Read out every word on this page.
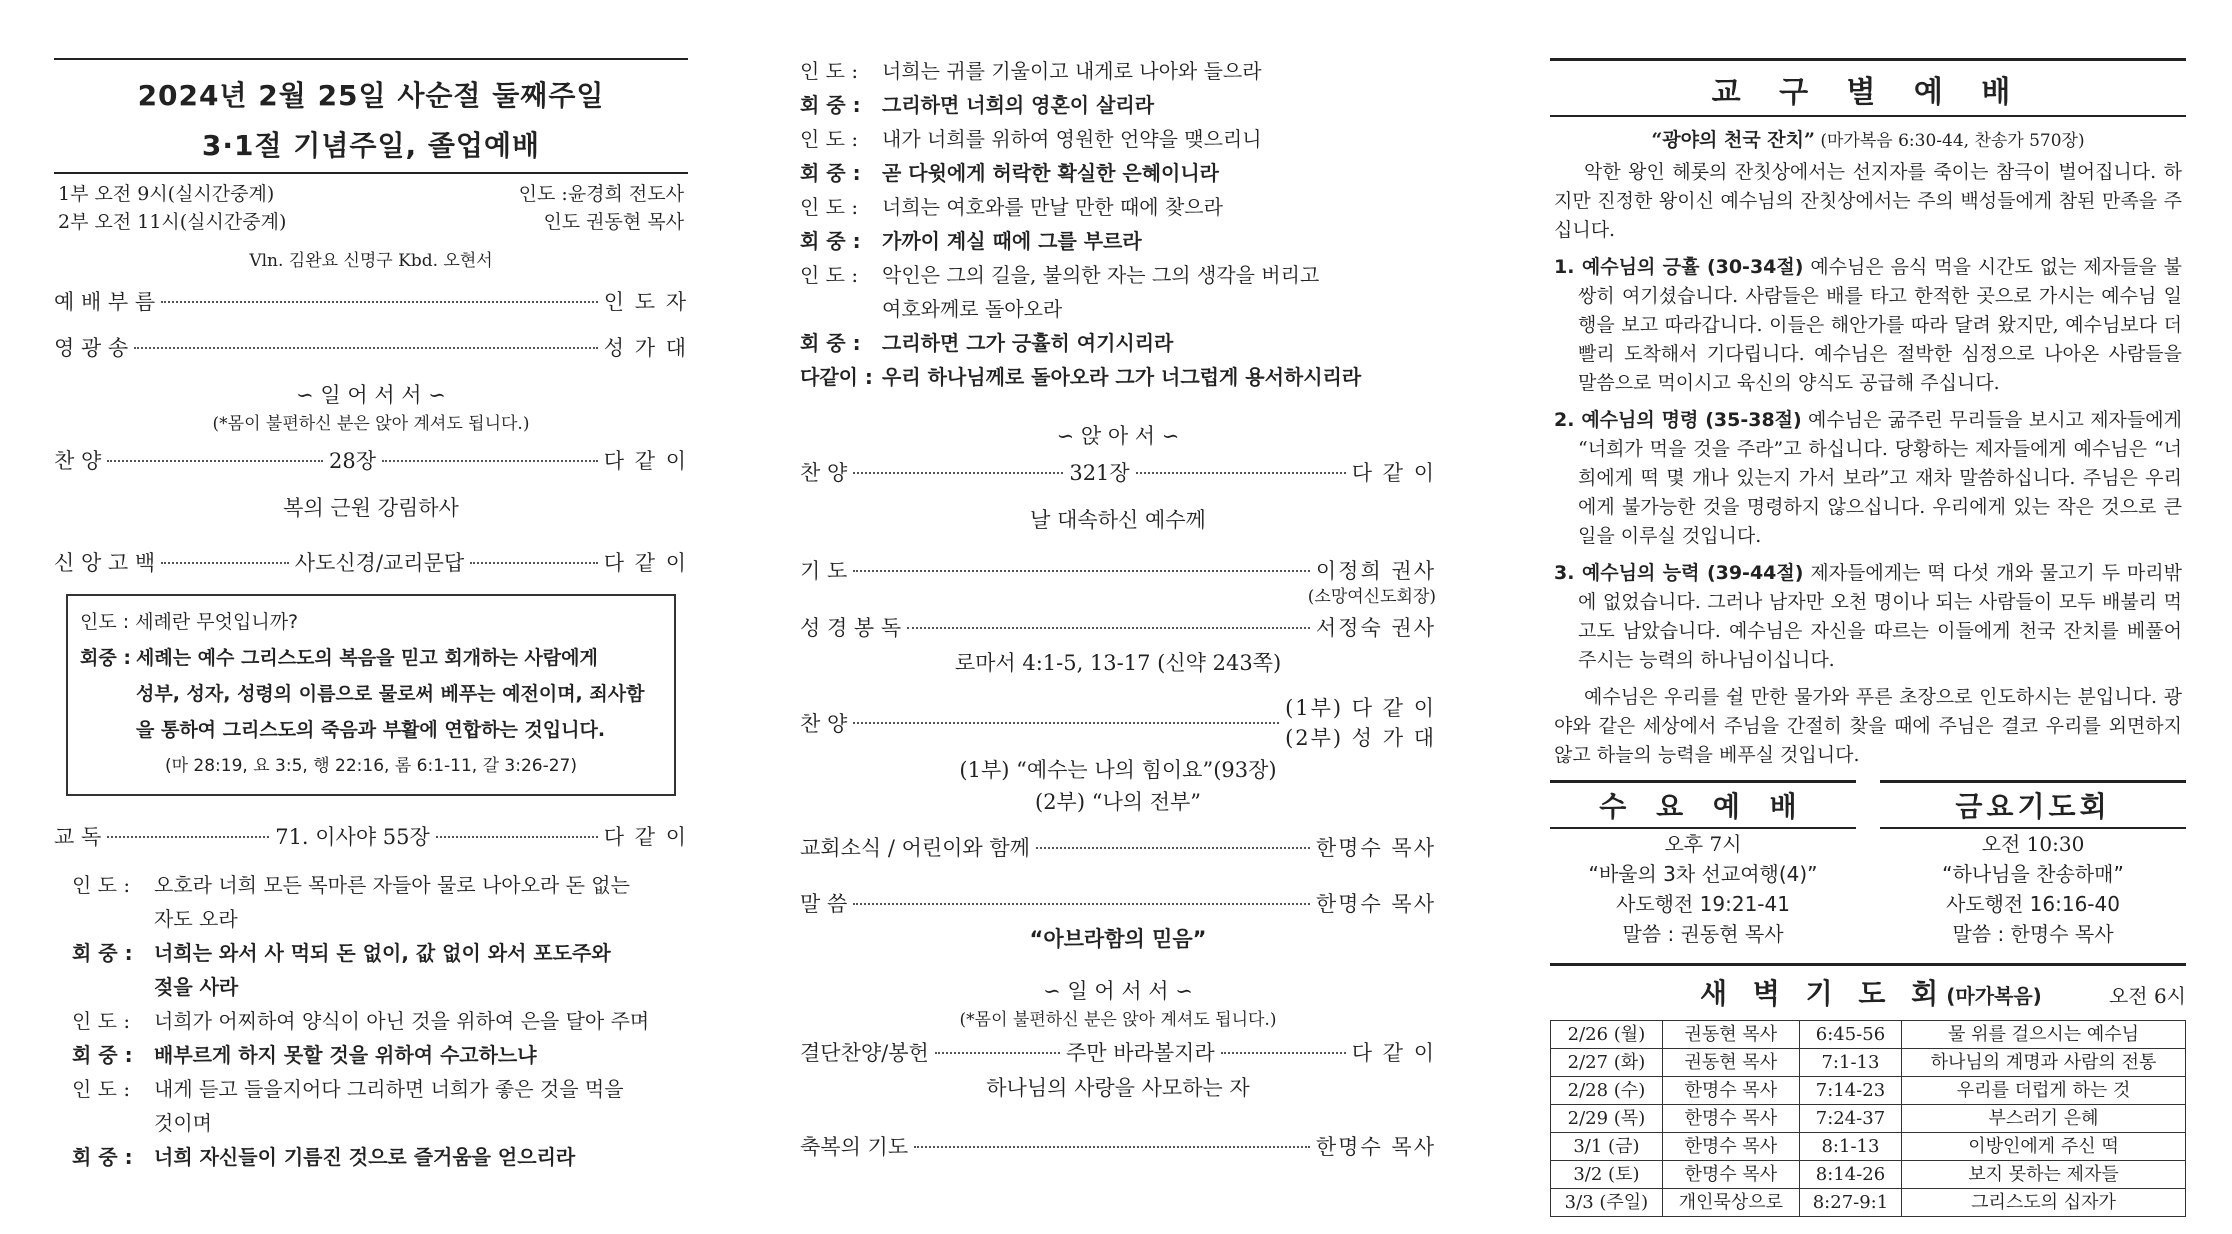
2024년 2월 25일 사순절 둘째주일
3·1절 기념주일, 졸업예배
1부 오전 9시(실시간중계)	인도 :윤경희 전도사
2부 오전 11시(실시간중계)	인도 권동현 목사
Vln. 김완요 신명구 Kbd. 오현서
예 배 부 름	인 도 자
영 광 송	성 가 대
∽ 일 어 서 서 ∽
(*몸이 불편하신 분은 앉아 계셔도 됩니다.)
찬 양	28장	다 같 이
복의 근원 강림하사
신 앙 고 백	사도신경/교리문답	다 같 이
인도 : 세례란 무엇입니까?
회중 : 세례는 예수 그리스도의 복음을 믿고 회개하는 사람에게
성부, 성자, 성령의 이름으로 물로써 베푸는 예전이며, 죄사함
을 통하여 그리스도의 죽음과 부활에 연합하는 것입니다.
(마 28:19, 요 3:5, 행 22:16, 롬 6:1-11, 갈 3:26-27)
교 독	71. 이사야 55장	다 같 이
인 도 :	오호라 너희 모든 목마른 자들아 물로 나아오라 돈 없는
자도 오라
회 중 :	너희는 와서 사 먹되 돈 없이, 값 없이 와서 포도주와
젖을 사라
인 도 :	너희가 어찌하여 양식이 아닌 것을 위하여 은을 달아 주며
회 중 :	배부르게 하지 못할 것을 위하여 수고하느냐
인 도 :	내게 듣고 들을지어다 그리하면 너희가 좋은 것을 먹을
것이며
회 중 :	너희 자신들이 기름진 것으로 즐거움을 얻으리라
인 도 :	너희는 귀를 기울이고 내게로 나아와 들으라
회 중 :	그리하면 너희의 영혼이 살리라
인 도 :	내가 너희를 위하여 영원한 언약을 맺으리니
회 중 :	곧 다윗에게 허락한 확실한 은혜이니라
인 도 :	너희는 여호와를 만날 만한 때에 찾으라
회 중 :	가까이 계실 때에 그를 부르라
인 도 :	악인은 그의 길을, 불의한 자는 그의 생각을 버리고
여호와께로 돌아오라
회 중 :	그리하면 그가 긍휼히 여기시리라
다같이 : 우리 하나님께로 돌아오라 그가 너그럽게 용서하시리라
∽ 앉 아 서 ∽
찬 양	321장	다 같 이
날 대속하신 예수께
기 도	이정희 권사
(소망여신도회장)
성 경 봉 독	서정숙 권사
로마서 4:1-5, 13-17 (신약 243쪽)
찬 양
(1부) 다 같 이
(2부) 성 가 대
(1부) “예수는 나의 힘이요”(93장)
(2부) “나의 전부”
교회소식 / 어린이와 함께	한명수 목사
말 씀	한명수 목사
“아브라함의 믿음”
∽ 일 어 서 서 ∽
(*몸이 불편하신 분은 앉아 계셔도 됩니다.)
결단찬양/봉헌	주만 바라볼지라	다 같 이
하나님의 사랑을 사모하는 자
축복의 기도	한명수 목사
교 구 별 예 배
“광야의 천국 잔치” (마가복음 6:30-44, 찬송가 570장)
악한 왕인 헤롯의 잔칫상에서는 선지자를 죽이는 참극이 벌어집니다. 하지만 진정한 왕이신 예수님의 잔칫상에서는 주의 백성들에게 참된 만족을 주십니다.
1. 예수님의 긍휼 (30-34절) 예수님은 음식 먹을 시간도 없는 제자들을 불쌍히 여기셨습니다. 사람들은 배를 타고 한적한 곳으로 가시는 예수님 일행을 보고 따라갑니다. 이들은 해안가를 따라 달려 왔지만, 예수님보다 더 빨리 도착해서 기다립니다. 예수님은 절박한 심정으로 나아온 사람들을 말씀으로 먹이시고 육신의 양식도 공급해 주십니다.
2. 예수님의 명령 (35-38절) 예수님은 굶주린 무리들을 보시고 제자들에게 “너희가 먹을 것을 주라”고 하십니다. 당황하는 제자들에게 예수님은 “너희에게 떡 몇 개나 있는지 가서 보라”고 재차 말씀하십니다. 주님은 우리에게 불가능한 것을 명령하지 않으십니다. 우리에게 있는 작은 것으로 큰 일을 이루실 것입니다.
3. 예수님의 능력 (39-44절) 제자들에게는 떡 다섯 개와 물고기 두 마리밖에 없었습니다. 그러나 남자만 오천 명이나 되는 사람들이 모두 배불리 먹고도 남았습니다. 예수님은 자신을 따르는 이들에게 천국 잔치를 베풀어 주시는 능력의 하나님이십니다.
예수님은 우리를 쉴 만한 물가와 푸른 초장으로 인도하시는 분입니다. 광야와 같은 세상에서 주님을 간절히 찾을 때에 주님은 결코 우리를 외면하지 않고 하늘의 능력을 베푸실 것입니다.
수 요 예 배
오후 7시
“바울의 3차 선교여행(4)”
사도행전 19:21-41
말씀 : 권동현 목사
금요기도회
오전 10:30
“하나님을 찬송하매”
사도행전 16:16-40
말씀 : 한명수 목사
새 벽 기 도 회(마가복음)	오전 6시
2/26 (월)	권동현 목사	6:45-56	물 위를 걸으시는 예수님
2/27 (화)	권동현 목사	7:1-13	하나님의 계명과 사람의 전통
2/28 (수)	한명수 목사	7:14-23	우리를 더럽게 하는 것
2/29 (목)	한명수 목사	7:24-37	부스러기 은혜
3/1 (금)	한명수 목사	8:1-13	이방인에게 주신 떡
3/2 (토)	한명수 목사	8:14-26	보지 못하는 제자들
3/3 (주일)	개인묵상으로	8:27-9:1	그리스도의 십자가
